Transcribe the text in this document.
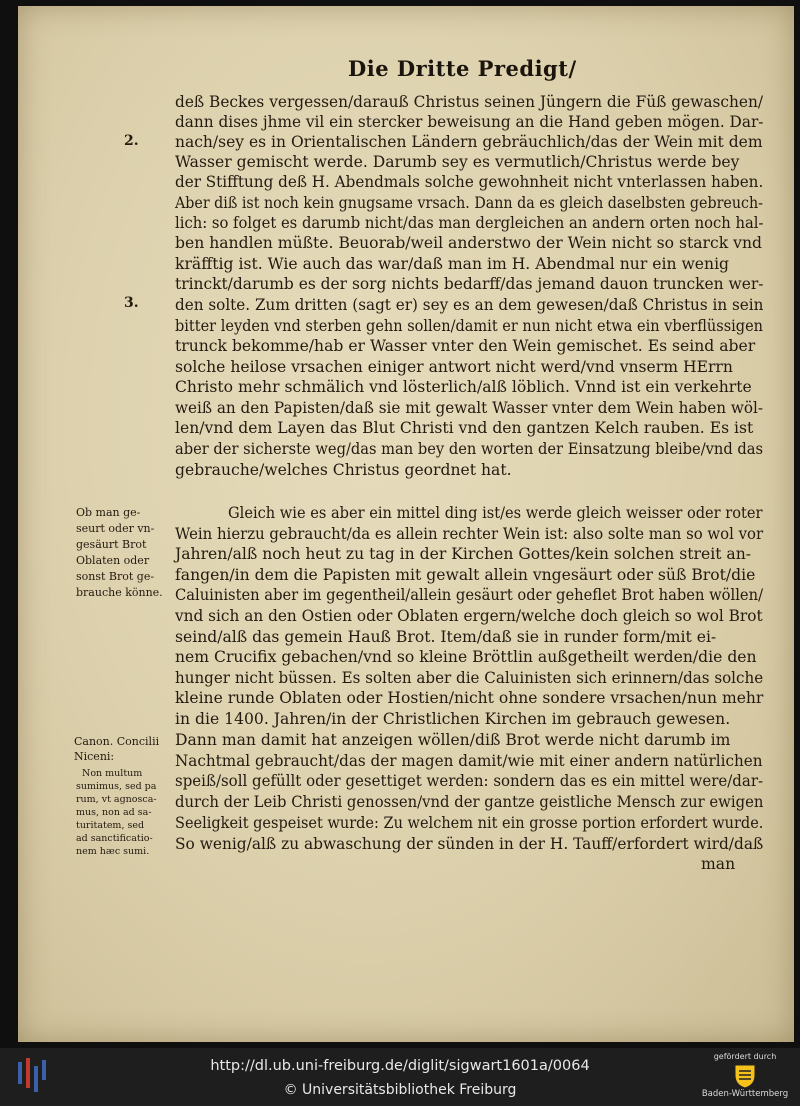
Die Dritte Predigt/
deß Beckes vergessen/darauß Christus seinen Jüngern die Füß gewaschen/
dann dises jhme vil ein stercker beweisung an die Hand geben mögen. Dar-
nach/sey es in Orientalischen Ländern gebräuchlich/das der Wein mit dem
Wasser gemischt werde. Darumb sey es vermutlich/Christus werde bey
der Stifftung deß H. Abendmals solche gewohnheit nicht vnterlassen haben.
Aber diß ist noch kein gnugsame vrsach. Dann da es gleich daselbsten gebreuch-
lich: so folget es darumb nicht/das man dergleichen an andern orten noch hal-
ben handlen müßte. Beuorab/weil anderstwo der Wein nicht so starck vnd
kräfftig ist. Wie auch das war/daß man im H. Abendmal nur ein wenig
trinckt/darumb es der sorg nichts bedarff/das jemand dauon truncken wer-
den solte. Zum dritten (sagt er) sey es an dem gewesen/daß Christus in sein
bitter leyden vnd sterben gehn sollen/damit er nun nicht etwa ein vberflüssigen
trunck bekomme/hab er Wasser vnter den Wein gemischet. Es seind aber
solche heilose vrsachen einiger antwort nicht werd/vnd vnserm HErrn
Christo mehr schmälich vnd lösterlich/alß löblich. Vnnd ist ein verkehrte
weiß an den Papisten/daß sie mit gewalt Wasser vnter dem Wein haben wöl-
len/vnd dem Layen das Blut Christi vnd den gantzen Kelch rauben. Es ist
aber der sicherste weg/das man bey den worten der Einsatzung bleibe/vnd das
gebrauche/welches Christus geordnet hat.
Gleich wie es aber ein mittel ding ist/es werde gleich weisser oder roter
Wein hierzu gebraucht/da es allein rechter Wein ist: also solte man so wol vor
Jahren/alß noch heut zu tag in der Kirchen Gottes/kein solchen streit an-
fangen/in dem die Papisten mit gewalt allein vngesäurt oder süß Brot/die
Caluinisten aber im gegentheil/allein gesäurt oder geheflet Brot haben wöllen/
vnd sich an den Ostien oder Oblaten ergern/welche doch gleich so wol Brot
seind/alß das gemein Hauß Brot. Item/daß sie in runder form/mit ei-
nem Crucifix gebachen/vnd so kleine Bröttlin außgetheilt werden/die den
hunger nicht büssen. Es solten aber die Caluinisten sich erinnern/das solche
kleine runde Oblaten oder Hostien/nicht ohne sondere vrsachen/nun mehr
in die 1400. Jahren/in der Christlichen Kirchen im gebrauch gewesen.
Dann man damit hat anzeigen wöllen/diß Brot werde nicht darumb im
Nachtmal gebraucht/das der magen damit/wie mit einer andern natürlichen
speiß/soll gefüllt oder gesettiget werden: sondern das es ein mittel were/dar-
durch der Leib Christi genossen/vnd der gantze geistliche Mensch zur ewigen
Seeligkeit gespeiset wurde: Zu welchem nit ein grosse portion erfordert wurde.
So wenig/alß zu abwaschung der sünden in der H. Tauff/erfordert wird/daß
man
2.
3.
Ob man ge-
seurt oder vn-
gesäurt Brot
Oblaten oder
sonst Brot ge-
brauche könne.
Canon. Concilii
Niceni:
Non multum
sumimus, sed pa
rum, vt agnosca-
mus, non ad sa-
turitatem, sed
ad sanctificatio-
nem hæc sumi.
http://dl.ub.uni-freiburg.de/diglit/sigwart1601a/0064
© Universitätsbibliothek Freiburg
gefördert durch
Baden-Württemberg
